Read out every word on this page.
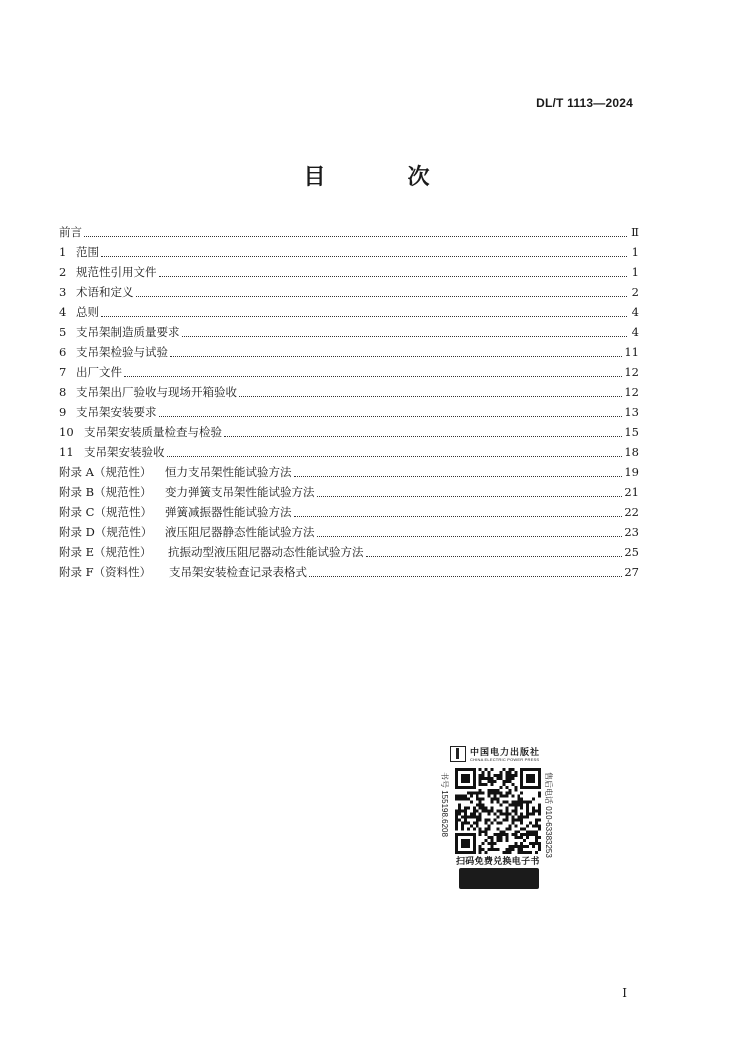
DL/T 1113—2024
目　次
前言	Ⅱ
1 范围	1
2 规范性引用文件	1
3 术语和定义	2
4 总则	4
5 支吊架制造质量要求	4
6 支吊架检验与试验	11
7 出厂文件	12
8 支吊架出厂验收与现场开箱验收	12
9 支吊架安装要求	13
10 支吊架安装质量检查与检验	15
11 支吊架安装验收	18
附录 A（规范性） 恒力支吊架性能试验方法	19
附录 B（规范性） 变力弹簧支吊架性能试验方法	21
附录 C（规范性） 弹簧减振器性能试验方法	22
附录 D（规范性） 液压阻尼器静态性能试验方法	23
附录 E（规范性） 抗振动型液压阻尼器动态性能试验方法	25
附录 F（资料性） 支吊架安装检查记录表格式	27
中国电力出版社
CHINA ELECTRIC POWER PRESS
书号 155198.6208	售后电话 010-63383253
扫码免费兑换电子书
I
